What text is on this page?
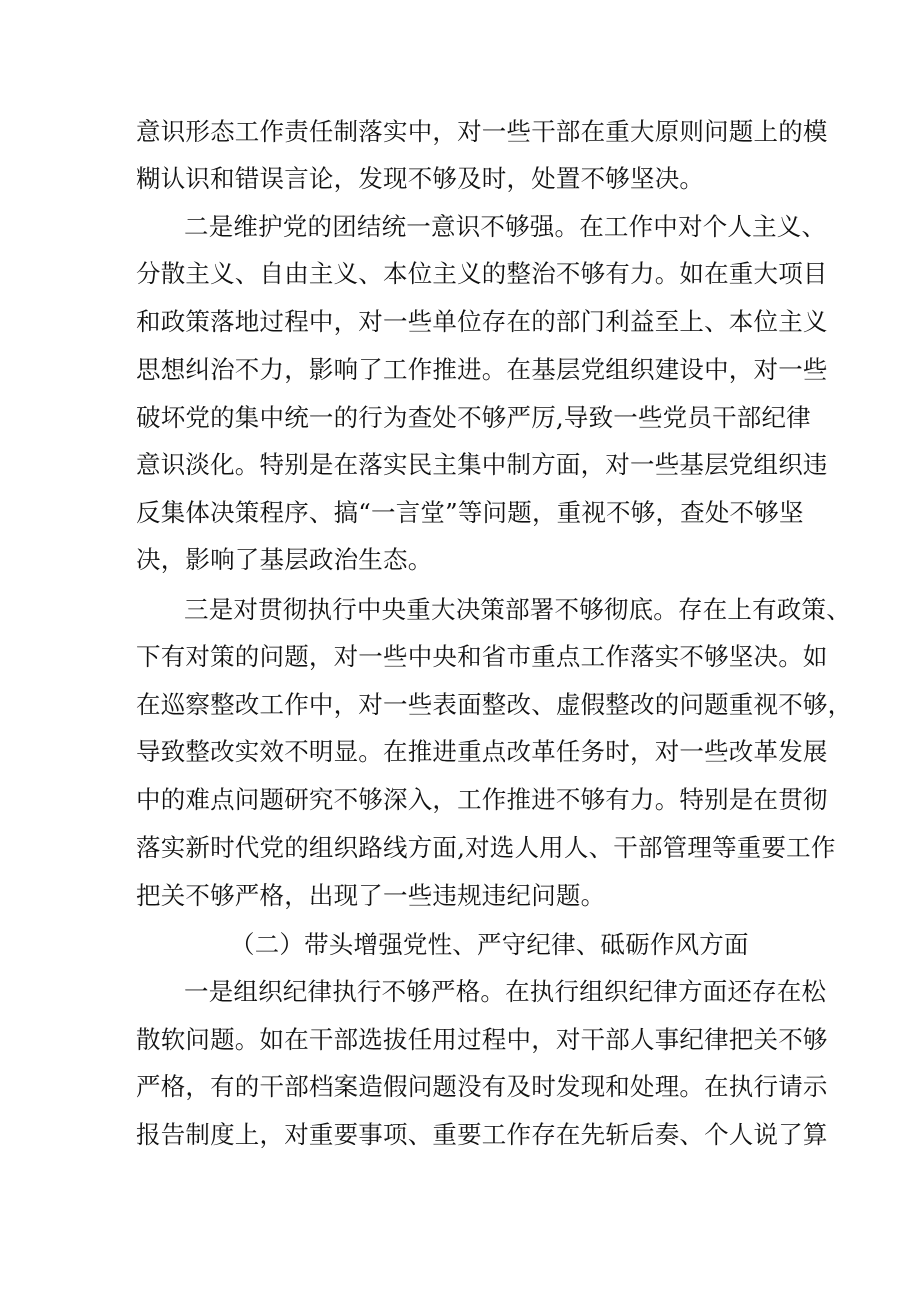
意识形态工作责任制落实中，对一些干部在重大原则问题上的模

糊认识和错误言论，发现不够及时，处置不够坚决。

二是维护党的团结统一意识不够强。在工作中对个人主义、

分散主义、自由主义、本位主义的整治不够有力。如在重大项目

和政策落地过程中，对一些单位存在的部门利益至上、本位主义

思想纠治不力，影响了工作推进。在基层党组织建设中，对一些

破坏党的集中统一的行为查处不够严厉,导致一些党员干部纪律

意识淡化。特别是在落实民主集中制方面，对一些基层党组织违

反集体决策程序、搞“一言堂”等问题，重视不够，查处不够坚

决，影响了基层政治生态。

三是对贯彻执行中央重大决策部署不够彻底。存在上有政策、

下有对策的问题，对一些中央和省市重点工作落实不够坚决。如

在巡察整改工作中，对一些表面整改、虚假整改的问题重视不够，

导致整改实效不明显。在推进重点改革任务时，对一些改革发展

中的难点问题研究不够深入，工作推进不够有力。特别是在贯彻

落实新时代党的组织路线方面,对选人用人、干部管理等重要工作

把关不够严格，出现了一些违规违纪问题。

（二）带头增强党性、严守纪律、砥砺作风方面

一是组织纪律执行不够严格。在执行组织纪律方面还存在松

散软问题。如在干部选拔任用过程中，对干部人事纪律把关不够

严格，有的干部档案造假问题没有及时发现和处理。在执行请示

报告制度上，对重要事项、重要工作存在先斩后奏、个人说了算
